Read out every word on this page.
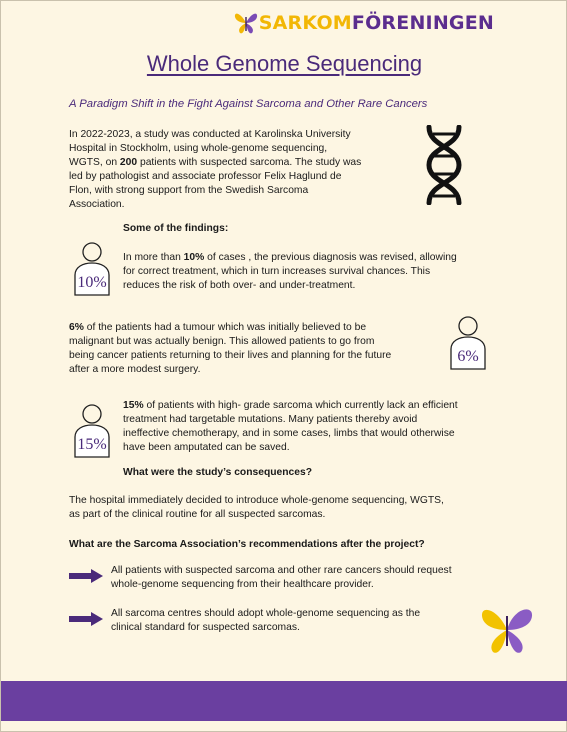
SARKOMFÖRENINGEN
Whole Genome Sequencing
A Paradigm Shift in the Fight Against Sarcoma and Other Rare Cancers
In 2022-2023, a study was conducted at Karolinska University
Hospital in Stockholm, using whole-genome sequencing,
WGTS, on 200 patients with suspected sarcoma. The study was
led by pathologist and associate professor Felix Haglund de
Flon, with strong support from the Swedish Sarcoma
Association.
Some of the findings:
10%
In more than 10% of cases , the previous diagnosis was revised, allowing
for correct treatment, which in turn increases survival chances. This
reduces the risk of both over- and under-treatment.
6% of the patients had a tumour which was initially believed to be
malignant but was actually benign. This allowed patients to go from
being cancer patients returning to their lives and planning for the future
after a more modest surgery.
6%
15%
15% of patients with high- grade sarcoma which currently lack an efficient
treatment had targetable mutations. Many patients thereby avoid
ineffective chemotherapy, and in some cases, limbs that would otherwise
have been amputated can be saved.
What were the study’s consequences?
The hospital immediately decided to introduce whole-genome sequencing, WGTS,
as part of the clinical routine for all suspected sarcomas.
What are the Sarcoma Association’s recommendations after the project?
All patients with suspected sarcoma and other rare cancers should request
whole-genome sequencing from their healthcare provider.
All sarcoma centres should adopt whole-genome sequencing as the
clinical standard for suspected sarcomas.
